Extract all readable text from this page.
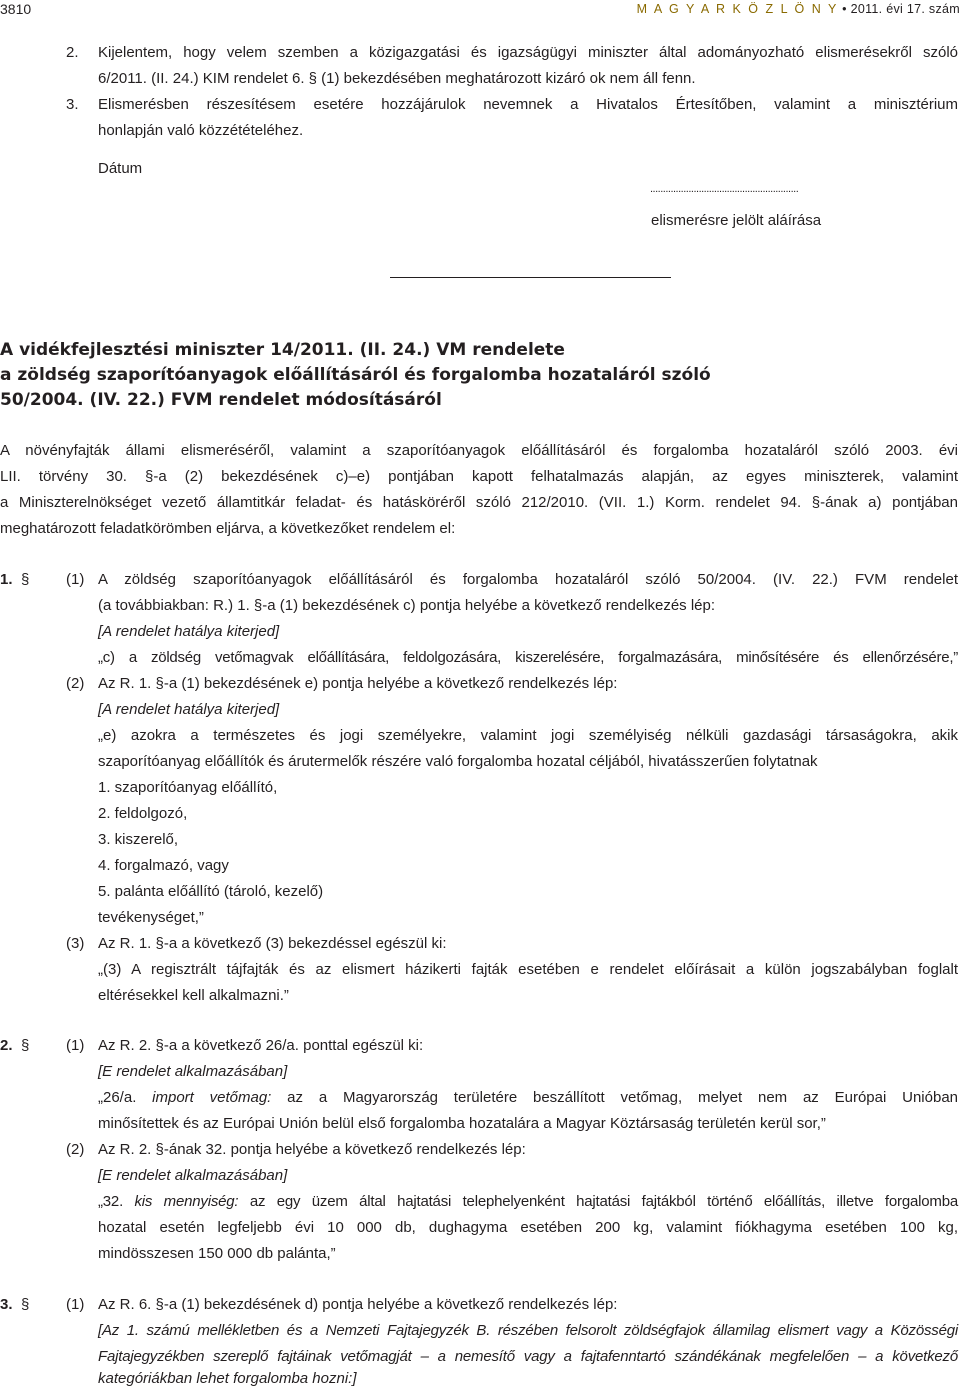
3810	M A G Y A R K Ö Z L Ö N Y • 2011. évi 17. szám
2. Kijelentem, hogy velem szemben a közigazgatási és igazságügyi miniszter által adományozható elismerésekről szóló
6/2011. (II. 24.) KIM rendelet 6. § (1) bekezdésében meghatározott kizáró ok nem áll fenn.
3. Elismerésben részesítésem esetére hozzájárulok nevemnek a Hivatalos Értesítőben, valamint a minisztérium
honlapján való közzétételéhez.
Dátum
..........................................................
elismerésre jelölt aláírása
A vidékfejlesztési miniszter 14/2011. (II. 24.) VM rendelete
a zöldség szaporítóanyagok előállításáról és forgalomba hozataláról szóló
50/2004. (IV. 22.) FVM rendelet módosításáról
A növényfajták állami elismeréséről, valamint a szaporítóanyagok előállításáról és forgalomba hozataláról szóló 2003. évi
LII. törvény 30. §-a (2) bekezdésének c)–e) pontjában kapott felhatalmazás alapján, az egyes miniszterek, valamint
a Miniszterelnökséget vezető államtitkár feladat- és hatásköréről szóló 212/2010. (VII. 1.) Korm. rendelet 94. §-ának a) pontjában
meghatározott feladatkörömben eljárva, a következőket rendelem el:
1. §	(1) A zöldség szaporítóanyagok előállításáról és forgalomba hozataláról szóló 50/2004. (IV. 22.) FVM rendelet
(a továbbiakban: R.) 1. §-a (1) bekezdésének c) pontja helyébe a következő rendelkezés lép:
[A rendelet hatálya kiterjed]
„c) a zöldség vetőmagvak előállítására, feldolgozására, kiszerelésére, forgalmazására, minősítésére és ellenőrzésére,”
(2) Az R. 1. §-a (1) bekezdésének e) pontja helyébe a következő rendelkezés lép:
[A rendelet hatálya kiterjed]
„e) azokra a természetes és jogi személyekre, valamint jogi személyiség nélküli gazdasági társaságokra, akik
szaporítóanyag előállítók és árutermelők részére való forgalomba hozatal céljából, hivatásszerűen folytatnak
1. szaporítóanyag előállító,
2. feldolgozó,
3. kiszerelő,
4. forgalmazó, vagy
5. palánta előállító (tároló, kezelő)
tevékenységet,”
(3) Az R. 1. §-a a következő (3) bekezdéssel egészül ki:
„(3) A regisztrált tájfajták és az elismert házikerti fajták esetében e rendelet előírásait a külön jogszabályban foglalt
eltérésekkel kell alkalmazni.”
2. §	(1) Az R. 2. §-a a következő 26/a. ponttal egészül ki:
[E rendelet alkalmazásában]
„26/a. import vetőmag: az a Magyarország területére beszállított vetőmag, melyet nem az Európai Unióban
minősítettek és az Európai Unión belül első forgalomba hozatalára a Magyar Köztársaság területén kerül sor,”
(2) Az R. 2. §-ának 32. pontja helyébe a következő rendelkezés lép:
[E rendelet alkalmazásában]
„32. kis mennyiség: az egy üzem által hajtatási telephelyenként hajtatási fajtákból történő előállítás, illetve forgalomba
hozatal esetén legfeljebb évi 10 000 db, dughagyma esetében 200 kg, valamint fiókhagyma esetében 100 kg,
mindösszesen 150 000 db palánta,”
3. §	(1) Az R. 6. §-a (1) bekezdésének d) pontja helyébe a következő rendelkezés lép:
[Az 1. számú mellékletben és a Nemzeti Fajtajegyzék B. részében felsorolt zöldségfajok államilag elismert vagy a Közösségi
Fajtajegyzékben szereplő fajtáinak vetőmagját – a nemesítő vagy a fajtafenntartó szándékának megfelelően – a következő
kategóriákban lehet forgalomba hozni:]
